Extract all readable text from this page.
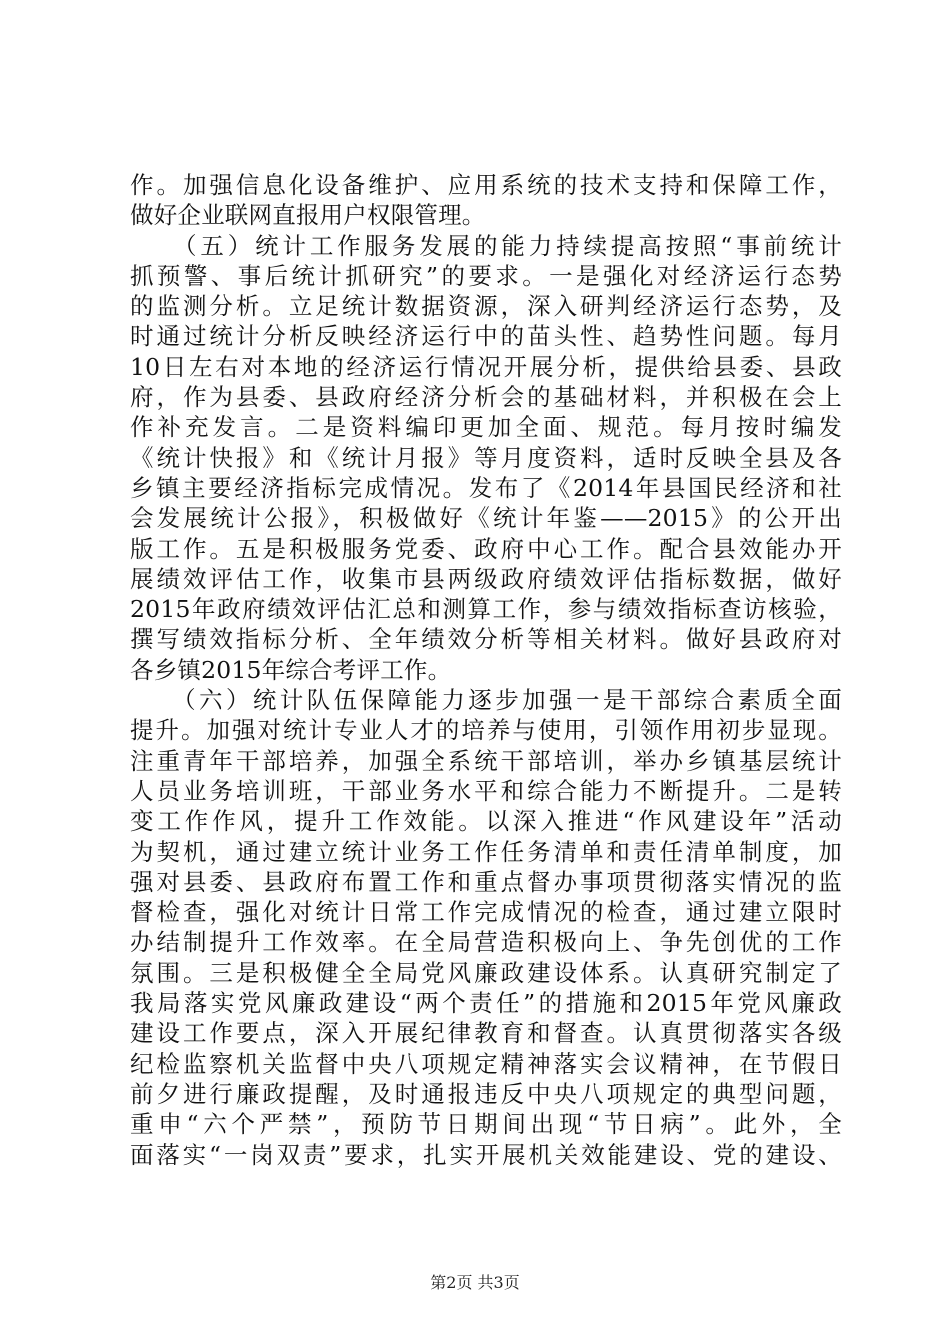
作。加强信息化设备维护、应用系统的技术支持和保障工作，
做好企业联网直报用户权限管理。
　　（五）统计工作服务发展的能力持续提高按照“事前统计
抓预警、事后统计抓研究”的要求。一是强化对经济运行态势
的监测分析。立足统计数据资源，深入研判经济运行态势，及
时通过统计分析反映经济运行中的苗头性、趋势性问题。每月
10日左右对本地的经济运行情况开展分析，提供给县委、县政
府，作为县委、县政府经济分析会的基础材料，并积极在会上
作补充发言。二是资料编印更加全面、规范。每月按时编发
《统计快报》和《统计月报》等月度资料，适时反映全县及各
乡镇主要经济指标完成情况。发布了《2014年县国民经济和社
会发展统计公报》，积极做好《统计年鉴——2015》的公开出
版工作。五是积极服务党委、政府中心工作。配合县效能办开
展绩效评估工作，收集市县两级政府绩效评估指标数据，做好
2015年政府绩效评估汇总和测算工作，参与绩效指标查访核验，
撰写绩效指标分析、全年绩效分析等相关材料。做好县政府对
各乡镇2015年综合考评工作。
　　（六）统计队伍保障能力逐步加强一是干部综合素质全面
提升。加强对统计专业人才的培养与使用，引领作用初步显现。
注重青年干部培养，加强全系统干部培训，举办乡镇基层统计
人员业务培训班，干部业务水平和综合能力不断提升。二是转
变工作作风，提升工作效能。以深入推进“作风建设年”活动
为契机，通过建立统计业务工作任务清单和责任清单制度，加
强对县委、县政府布置工作和重点督办事项贯彻落实情况的监
督检查，强化对统计日常工作完成情况的检查，通过建立限时
办结制提升工作效率。在全局营造积极向上、争先创优的工作
氛围。三是积极健全全局党风廉政建设体系。认真研究制定了
我局落实党风廉政建设“两个责任”的措施和2015年党风廉政
建设工作要点，深入开展纪律教育和督查。认真贯彻落实各级
纪检监察机关监督中央八项规定精神落实会议精神，在节假日
前夕进行廉政提醒，及时通报违反中央八项规定的典型问题，
重申“六个严禁”，预防节日期间出现“节日病”。此外，全
面落实“一岗双责”要求，扎实开展机关效能建设、党的建设、
第2页 共3页
